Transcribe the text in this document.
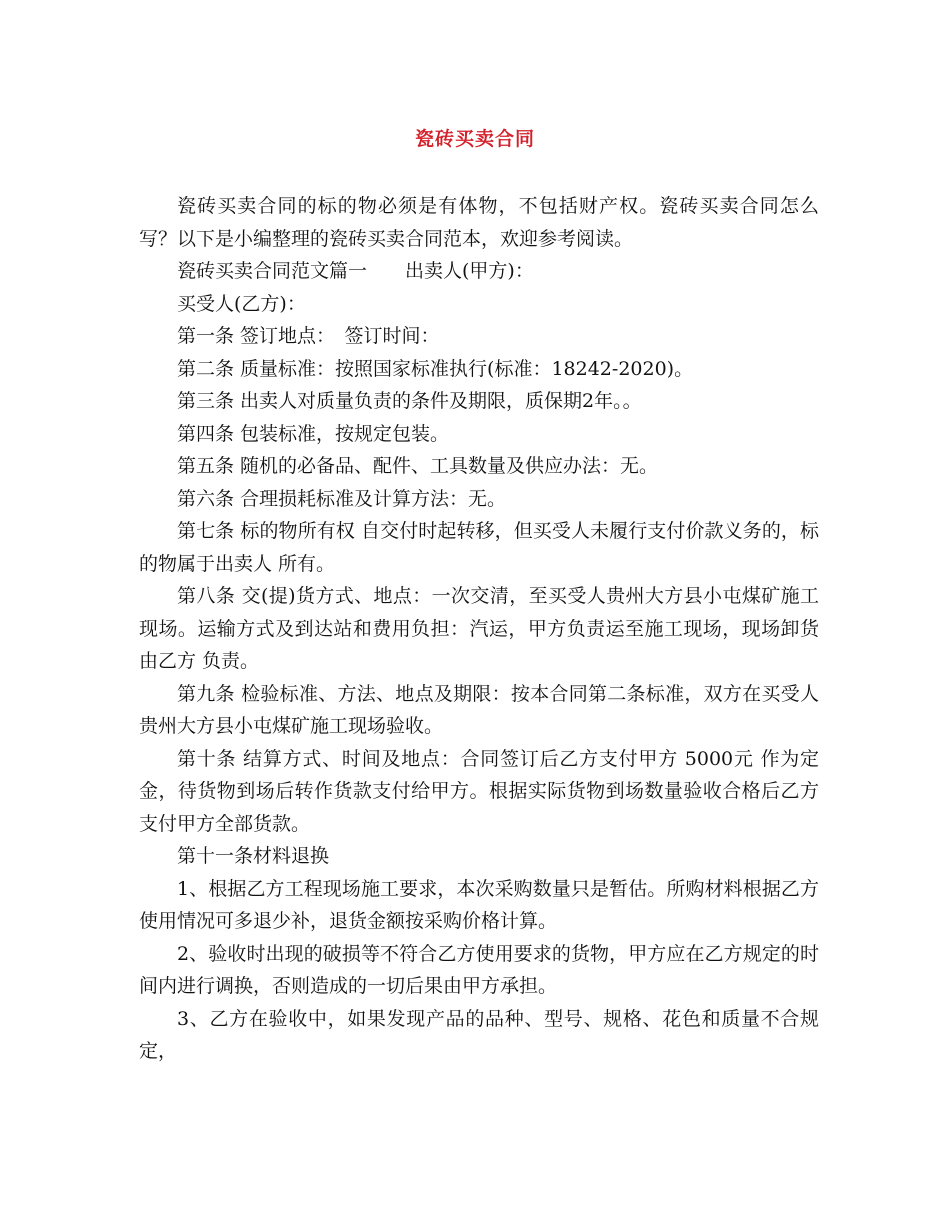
瓷砖买卖合同

瓷砖买卖合同的标的物必须是有体物，不包括财产权。瓷砖买卖合同怎么写？以下是小编整理的瓷砖买卖合同范本，欢迎参考阅读。

瓷砖买卖合同范文篇一　　出卖人(甲方)：

买受人(乙方)：

第一条 签订地点：　签订时间：

第二条 质量标准：按照国家标准执行(标准：18242-2020)。

第三条 出卖人对质量负责的条件及期限，质保期2年。。

第四条 包装标准，按规定包装。

第五条 随机的必备品、配件、工具数量及供应办法：无。

第六条 合理损耗标准及计算方法：无。

第七条 标的物所有权 自交付时起转移，但买受人未履行支付价款义务的，标的物属于出卖人 所有。

第八条 交(提)货方式、地点：一次交清，至买受人贵州大方县小屯煤矿施工现场。运输方式及到达站和费用负担：汽运，甲方负责运至施工现场，现场卸货由乙方 负责。

第九条 检验标准、方法、地点及期限：按本合同第二条标准，双方在买受人贵州大方县小屯煤矿施工现场验收。

第十条 结算方式、时间及地点：合同签订后乙方支付甲方 5000元 作为定金，待货物到场后转作货款支付给甲方。根据实际货物到场数量验收合格后乙方支付甲方全部货款。

第十一条材料退换

1、根据乙方工程现场施工要求，本次采购数量只是暂估。所购材料根据乙方使用情况可多退少补，退货金额按采购价格计算。

2、验收时出现的破损等不符合乙方使用要求的货物，甲方应在乙方规定的时间内进行调换，否则造成的一切后果由甲方承担。

3、乙方在验收中，如果发现产品的品种、型号、规格、花色和质量不合规定，
